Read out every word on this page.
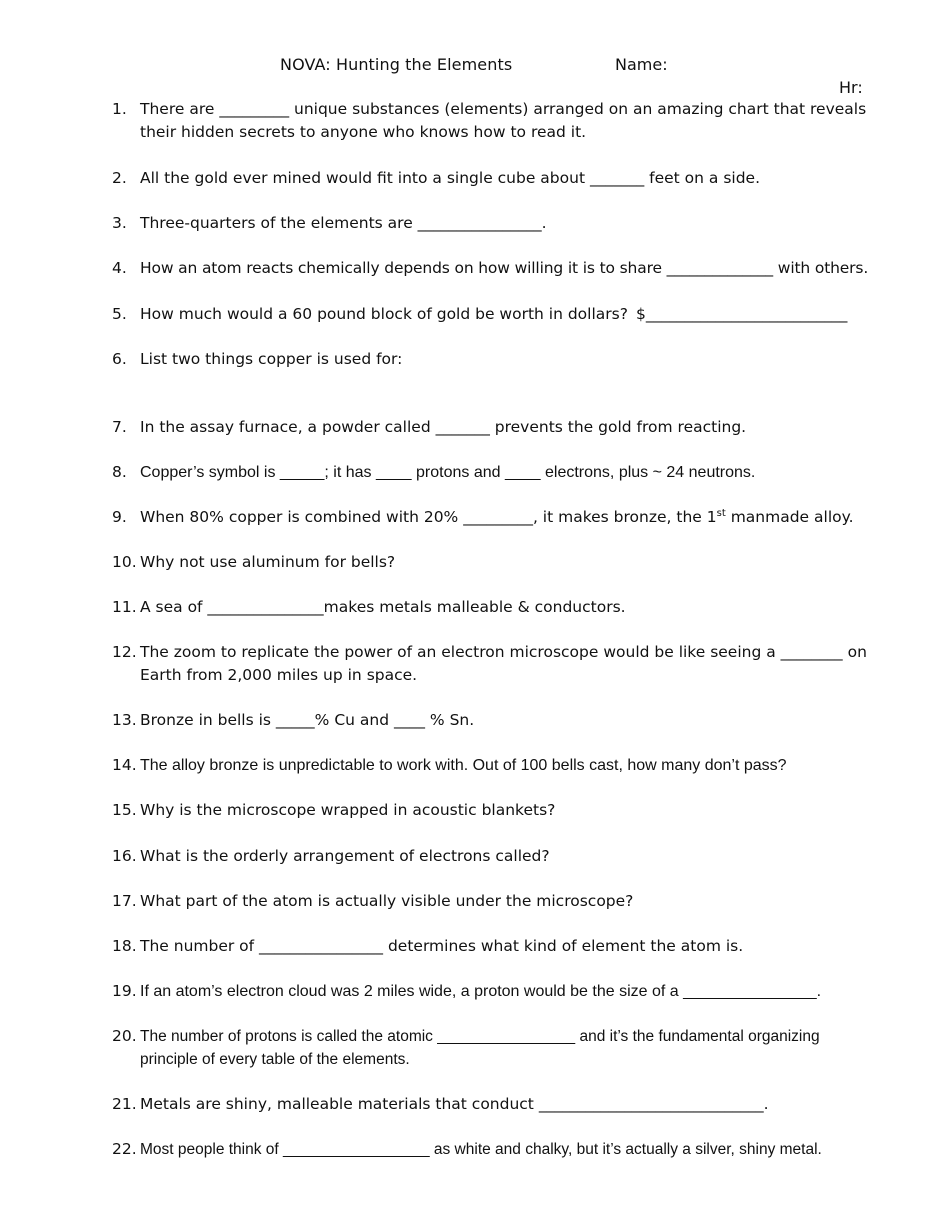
NOVA: Hunting the Elements	Name:
Hr:
1. There are _________ unique substances (elements) arranged on an amazing chart that reveals
their hidden secrets to anyone who knows how to read it.
2. All the gold ever mined would fit into a single cube about _______ feet on a side.
3. Three-quarters of the elements are ________________.
4. How an atom reacts chemically depends on how willing it is to share ______________ with others.
5. How much would a 60 pound block of gold be worth in dollars? $__________________________
6. List two things copper is used for:
7. In the assay furnace, a powder called _______ prevents the gold from reacting.
8. Copper’s symbol is _____; it has ____ protons and ____ electrons, plus ~ 24 neutrons.
9. When 80% copper is combined with 20% _________, it makes bronze, the 1st manmade alloy.
10. Why not use aluminum for bells?
11. A sea of _______________makes metals malleable & conductors.
12. The zoom to replicate the power of an electron microscope would be like seeing a ________ on
Earth from 2,000 miles up in space.
13. Bronze in bells is _____% Cu and ____ % Sn.
14. The alloy bronze is unpredictable to work with. Out of 100 bells cast, how many don’t pass?
15. Why is the microscope wrapped in acoustic blankets?
16. What is the orderly arrangement of electrons called?
17. What part of the atom is actually visible under the microscope?
18. The number of ________________ determines what kind of element the atom is.
19. If an atom’s electron cloud was 2 miles wide, a proton would be the size of a _______________.
20. The number of protons is called the atomic ________________ and it’s the fundamental organizing
principle of every table of the elements.
21. Metals are shiny, malleable materials that conduct _____________________________.
22. Most people think of _________________ as white and chalky, but it’s actually a silver, shiny metal.
